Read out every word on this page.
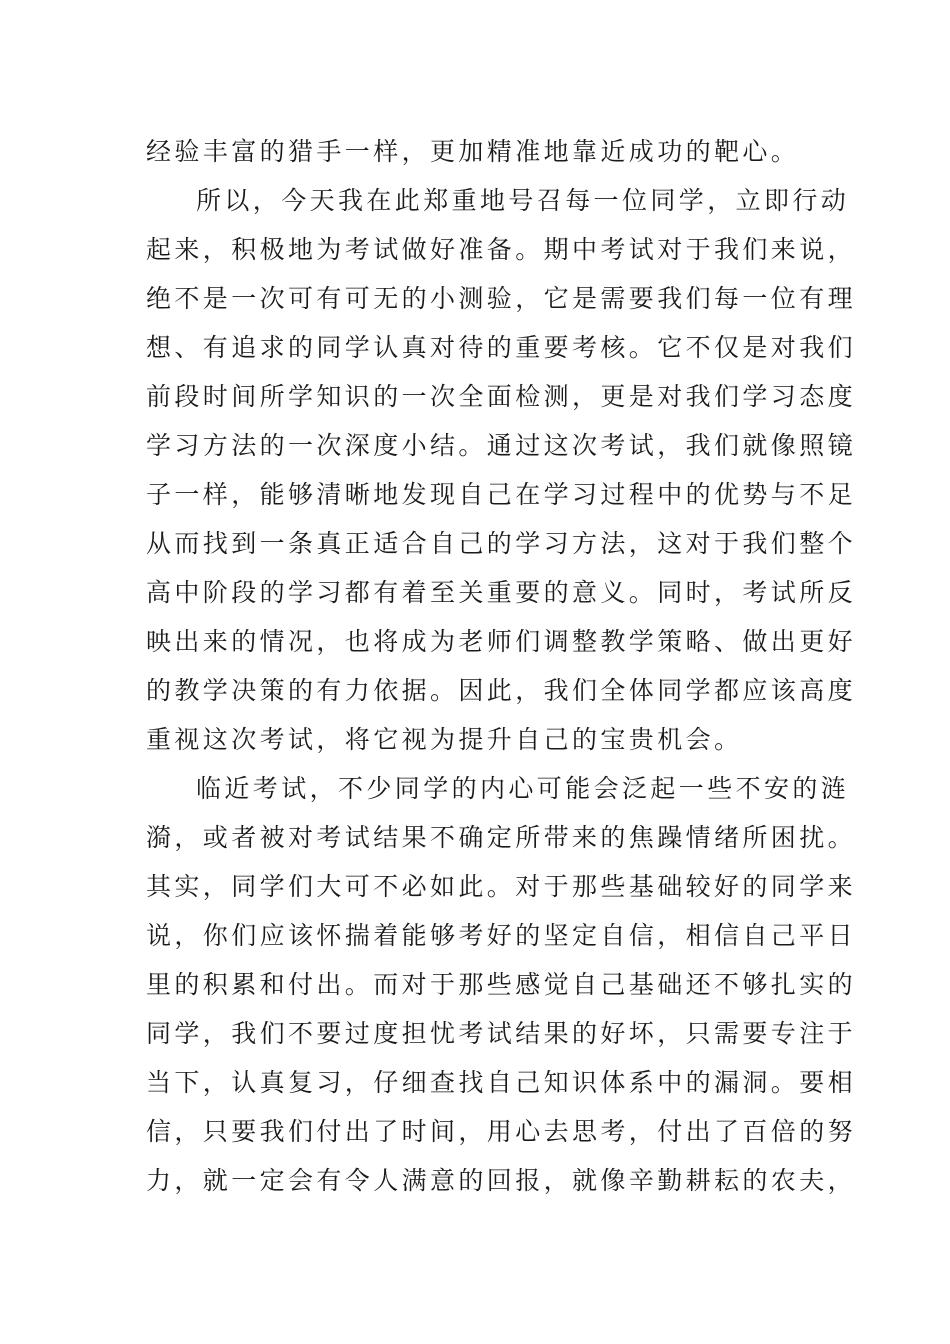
经验丰富的猎手一样，更加精准地靠近成功的靶心。
所以，今天我在此郑重地号召每一位同学，立即行动
起来，积极地为考试做好准备。期中考试对于我们来说，
绝不是一次可有可无的小测验，它是需要我们每一位有理
想、有追求的同学认真对待的重要考核。它不仅是对我们
前段时间所学知识的一次全面检测，更是对我们学习态度
学习方法的一次深度小结。通过这次考试，我们就像照镜
子一样，能够清晰地发现自己在学习过程中的优势与不足
从而找到一条真正适合自己的学习方法，这对于我们整个
高中阶段的学习都有着至关重要的意义。同时，考试所反
映出来的情况，也将成为老师们调整教学策略、做出更好
的教学决策的有力依据。因此，我们全体同学都应该高度
重视这次考试，将它视为提升自己的宝贵机会。
临近考试，不少同学的内心可能会泛起一些不安的涟
漪，或者被对考试结果不确定所带来的焦躁情绪所困扰。
其实，同学们大可不必如此。对于那些基础较好的同学来
说，你们应该怀揣着能够考好的坚定自信，相信自己平日
里的积累和付出。而对于那些感觉自己基础还不够扎实的
同学，我们不要过度担忧考试结果的好坏，只需要专注于
当下，认真复习，仔细查找自己知识体系中的漏洞。要相
信，只要我们付出了时间，用心去思考，付出了百倍的努
力，就一定会有令人满意的回报，就像辛勤耕耘的农夫，
